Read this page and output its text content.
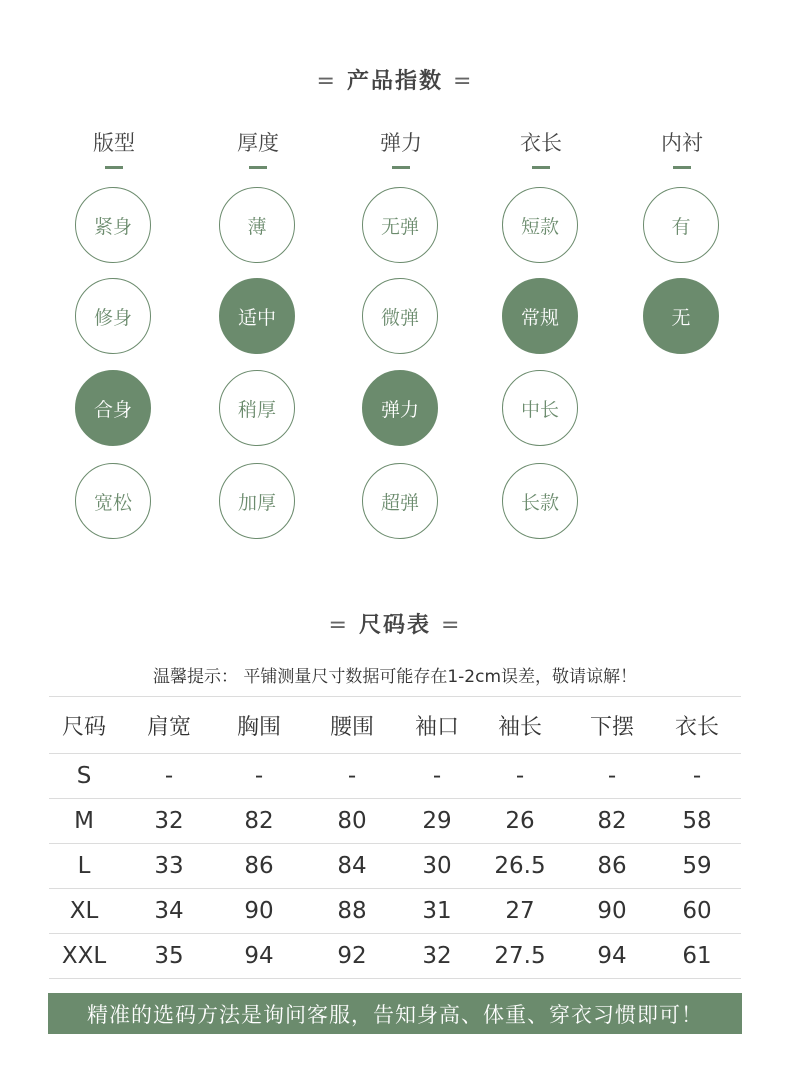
= 产品指数 =
版型
紧身
修身
合身
宽松
厚度
薄
适中
稍厚
加厚
弹力
无弹
微弹
弹力
超弹
衣长
短款
常规
中长
长款
内衬
有
无
= 尺码表 =
温馨提示： 平铺测量尺寸数据可能存在1-2cm误差，敬请谅解！
尺码	肩宽	胸围	腰围	袖口	袖长	下摆	衣长
S	-	-	-	-	-	-	-
M	32	82	80	29	26	82	58
L	33	86	84	30	26.5	86	59
XL	34	90	88	31	27	90	60
XXL	35	94	92	32	27.5	94	61
精准的选码方法是询问客服，告知身高、体重、穿衣习惯即可！
